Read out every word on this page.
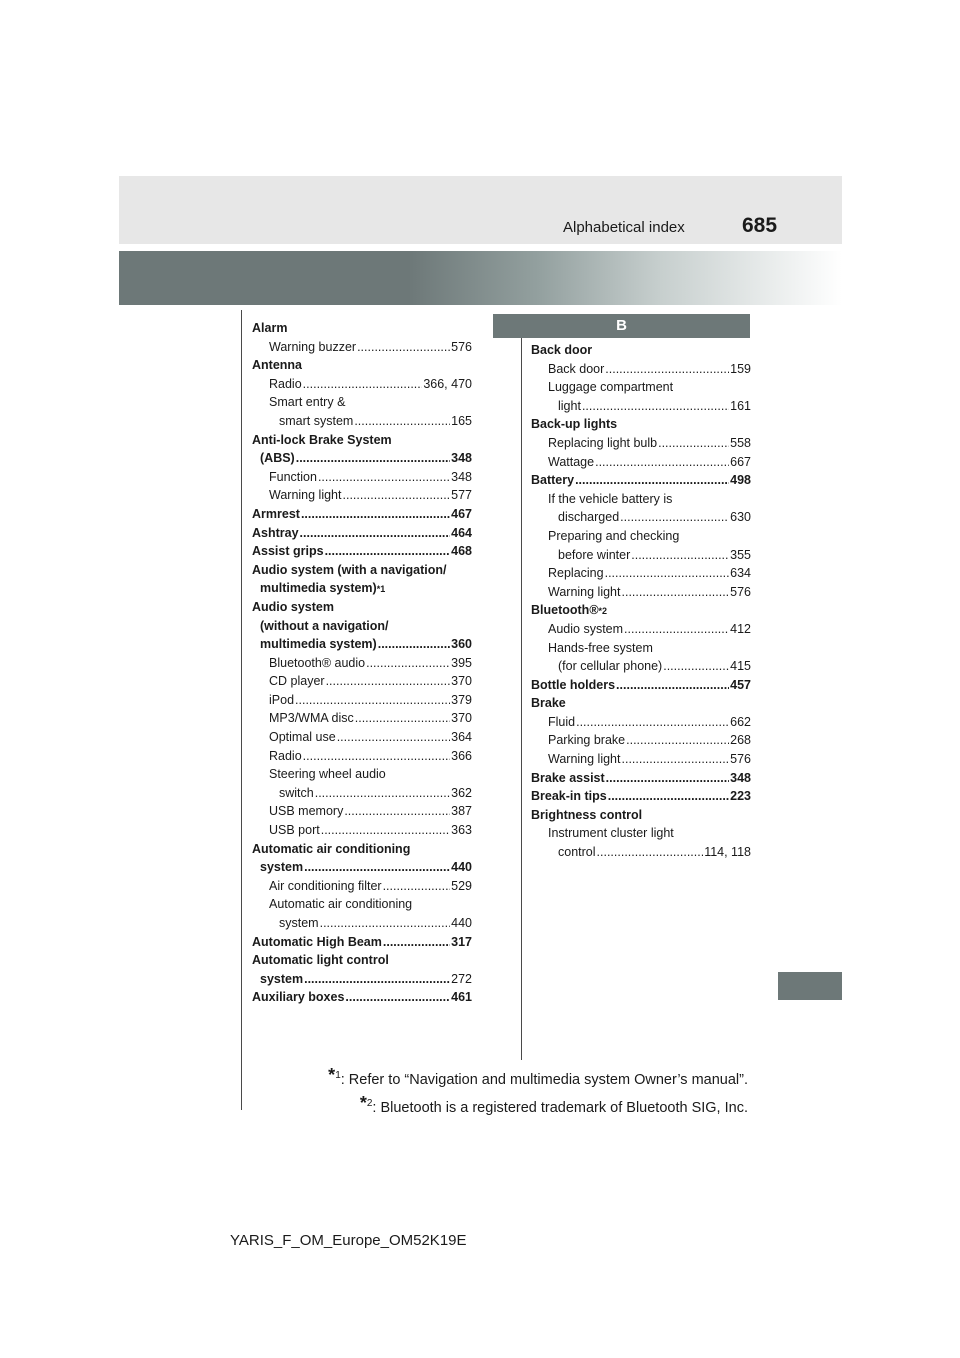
685
Alphabetical index
B
Alarm
Warning buzzer .....	576
Antenna
Radio .....	366, 470
Smart entry &
smart system .....	165
Anti-lock Brake System
(ABS) .....	348
Function .....	348
Warning light .....	577
Armrest .....	467
Ashtray .....	464
Assist grips .....	468
Audio system (with a navigation/
multimedia system) *1
Audio system
(without a navigation/
multimedia system) .....	360
Bluetooth® audio .....	395
CD player .....	370
iPod .....	379
MP3/WMA disc .....	370
Optimal use .....	364
Radio .....	366
Steering wheel audio
switch .....	362
USB memory .....	387
USB port .....	363
Automatic air conditioning
system .....	440
Air conditioning filter .....	529
Automatic air conditioning
system .....	440
Automatic High Beam .....	317
Automatic light control
system .....	272
Auxiliary boxes .....	461
Back door
Back door .....	159
Luggage compartment
light .....	161
Back-up lights
Replacing light bulb .....	558
Wattage .....	667
Battery .....	498
If the vehicle battery is
discharged .....	630
Preparing and checking
before winter .....	355
Replacing .....	634
Warning light .....	576
Bluetooth® *2
Audio system .....	412
Hands-free system
(for cellular phone) .....	415
Bottle holders .....	457
Brake
Fluid .....	662
Parking brake .....	268
Warning light .....	576
Brake assist .....	348
Break-in tips .....	223
Brightness control
Instrument cluster light
control .....	114, 118
*$^1$: Refer to “Navigation and multimedia system Owner’s manual”.
*$^2$: Bluetooth is a registered trademark of Bluetooth SIG, Inc.
YARIS_F_OM_Europe_OM52K19E
